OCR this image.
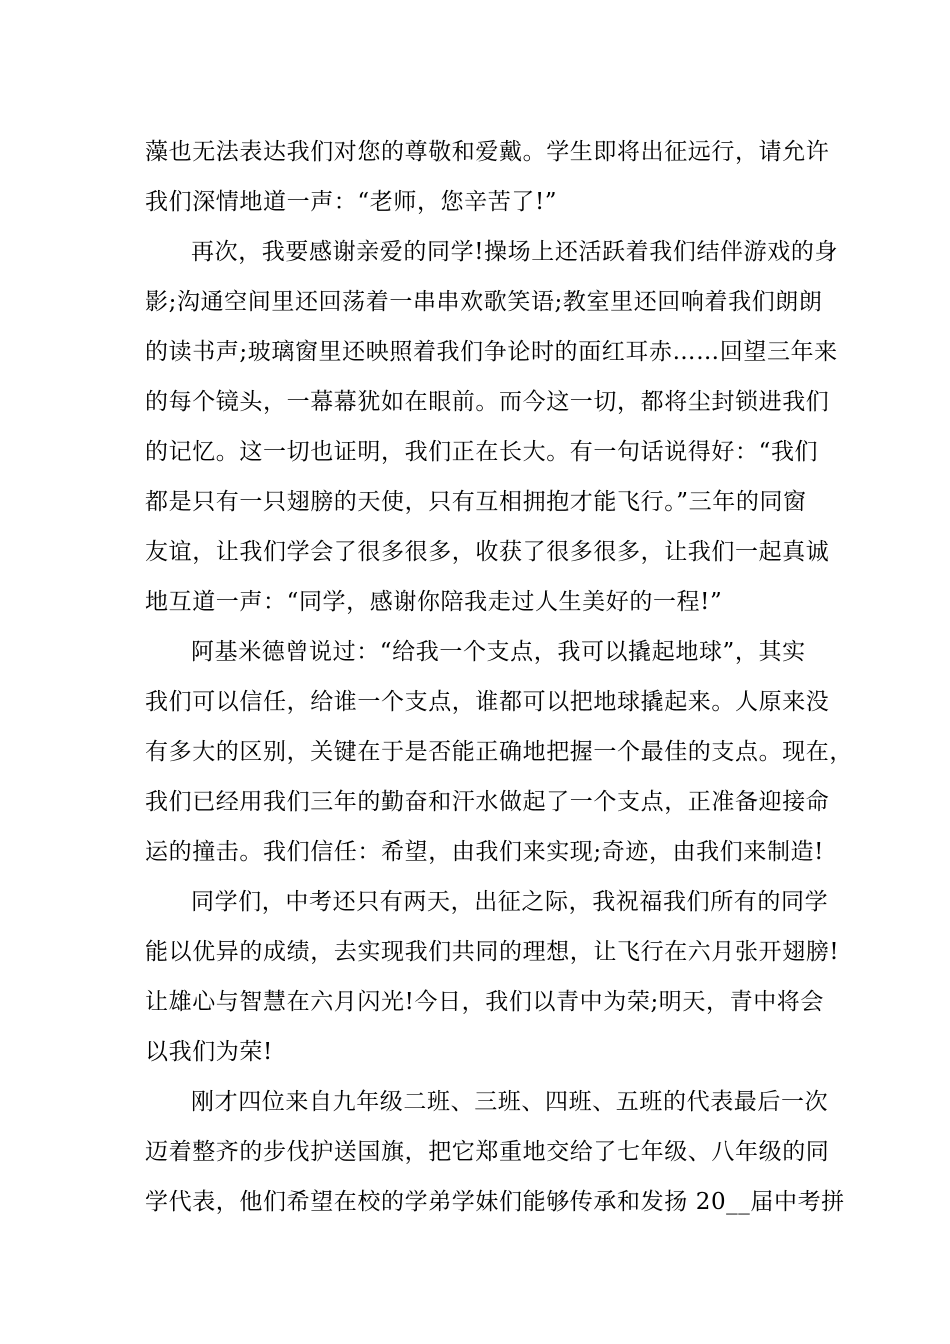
藻也无法表达我们对您的尊敬和爱戴。学生即将出征远行，请允许
我们深情地道一声：“老师，您辛苦了!”
再次，我要感谢亲爱的同学!操场上还活跃着我们结伴游戏的身
影;沟通空间里还回荡着一串串欢歌笑语;教室里还回响着我们朗朗
的读书声;玻璃窗里还映照着我们争论时的面红耳赤……回望三年来
的每个镜头，一幕幕犹如在眼前。而今这一切，都将尘封锁进我们
的记忆。这一切也证明，我们正在长大。有一句话说得好：“我们
都是只有一只翅膀的天使，只有互相拥抱才能飞行。”三年的同窗
友谊，让我们学会了很多很多，收获了很多很多，让我们一起真诚
地互道一声：“同学，感谢你陪我走过人生美好的一程!”
阿基米德曾说过：“给我一个支点，我可以撬起地球”，其实
我们可以信任，给谁一个支点，谁都可以把地球撬起来。人原来没
有多大的区别，关键在于是否能正确地把握一个最佳的支点。现在，
我们已经用我们三年的勤奋和汗水做起了一个支点，正准备迎接命
运的撞击。我们信任：希望，由我们来实现;奇迹，由我们来制造!
同学们，中考还只有两天，出征之际，我祝福我们所有的同学
能以优异的成绩，去实现我们共同的理想，让飞行在六月张开翅膀!
让雄心与智慧在六月闪光!今日，我们以青中为荣;明天，青中将会
以我们为荣!
刚才四位来自九年级二班、三班、四班、五班的代表最后一次
迈着整齐的步伐护送国旗，把它郑重地交给了七年级、八年级的同
学代表，他们希望在校的学弟学妹们能够传承和发扬 20__届中考拼
